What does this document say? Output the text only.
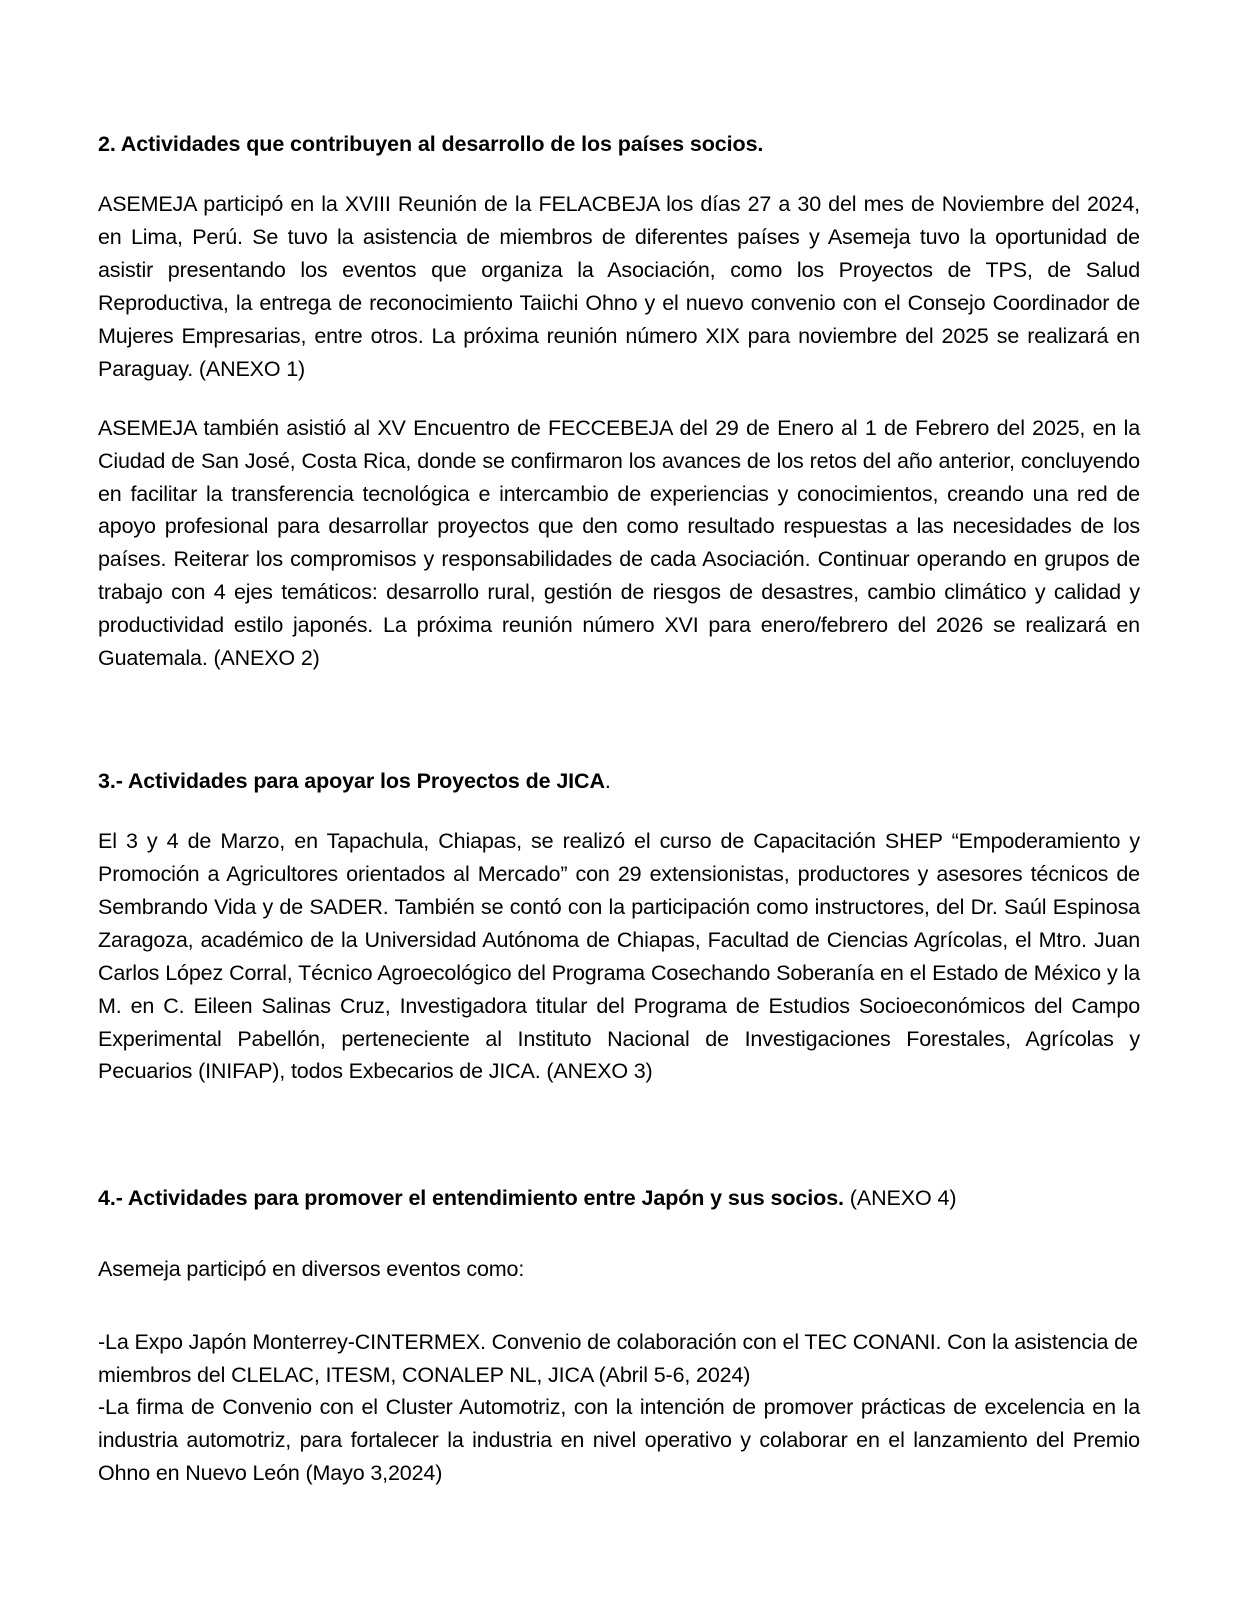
2. Actividades que contribuyen al desarrollo de los países socios.

ASEMEJA participó en la XVIII Reunión de la FELACBEJA los días 27 a 30 del mes de Noviembre del 2024, en Lima, Perú. Se tuvo la asistencia de miembros de diferentes países y Asemeja tuvo la oportunidad de asistir presentando los eventos que organiza la Asociación, como los Proyectos de TPS, de Salud Reproductiva, la entrega de reconocimiento Taiichi Ohno y el nuevo convenio con el Consejo Coordinador de Mujeres Empresarias, entre otros. La próxima reunión número XIX para noviembre del 2025 se realizará en Paraguay. (ANEXO 1)

ASEMEJA también asistió al XV Encuentro de FECCEBEJA del 29 de Enero al 1 de Febrero del 2025, en la Ciudad de San José, Costa Rica, donde se confirmaron los avances de los retos del año anterior, concluyendo en facilitar la transferencia tecnológica e intercambio de experiencias y conocimientos, creando una red de apoyo profesional para desarrollar proyectos que den como resultado respuestas a las necesidades de los países. Reiterar los compromisos y responsabilidades de cada Asociación. Continuar operando en grupos de trabajo con 4 ejes temáticos: desarrollo rural, gestión de riesgos de desastres, cambio climático y calidad y productividad estilo japonés. La próxima reunión número XVI para enero/febrero del 2026 se realizará en Guatemala. (ANEXO 2)

3.- Actividades para apoyar los Proyectos de JICA.

El 3 y 4 de Marzo, en Tapachula, Chiapas, se realizó el curso de Capacitación SHEP “Empoderamiento y Promoción a Agricultores orientados al Mercado” con 29 extensionistas, productores y asesores técnicos de Sembrando Vida y de SADER. También se contó con la participación como instructores, del Dr. Saúl Espinosa Zaragoza, académico de la Universidad Autónoma de Chiapas, Facultad de Ciencias Agrícolas, el Mtro. Juan Carlos López Corral, Técnico Agroecológico del Programa Cosechando Soberanía en el Estado de México y la M. en C. Eileen Salinas Cruz, Investigadora titular del Programa de Estudios Socioeconómicos del Campo Experimental Pabellón, perteneciente al Instituto Nacional de Investigaciones Forestales, Agrícolas y Pecuarios (INIFAP), todos Exbecarios de JICA. (ANEXO 3)

4.- Actividades para promover el entendimiento entre Japón y sus socios. (ANEXO 4)

Asemeja participó en diversos eventos como:

-La Expo Japón Monterrey-CINTERMEX. Convenio de colaboración con el TEC CONANI. Con la asistencia de miembros del CLELAC, ITESM, CONALEP NL, JICA (Abril 5-6, 2024)

-La firma de Convenio con el Cluster Automotriz, con la intención de promover prácticas de excelencia en la industria automotriz, para fortalecer la industria en nivel operativo y colaborar en el lanzamiento del Premio Ohno en Nuevo León (Mayo 3,2024)
